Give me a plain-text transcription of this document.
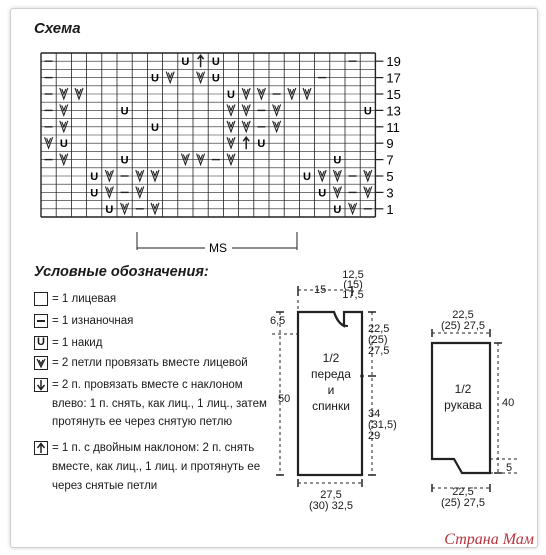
Схема
U U
U	U
U
U	U
U
U	U
U	U
U	U
U	U
U	U
19
17
15
13
11
9
7
5
3
1
MS
Условные обозначения:
= 1 лицевая
= 1 изнаночная
U = 1 накид
= 2 петли провязать вместе лицевой
= 2 п. провязать вместе с наклоном
влево: 1 п. снять, как лиц., 1 лиц., затем
протянуть ее через снятую петлю
= 1 п. с двойным наклоном: 2 п. снять
вместе, как лиц., 1 лиц. и протянуть ее
через снятые петли
1/2
переда
и
спинки
15
12,5
(15)
17,5
6,5
22,5
(25)
27,5
50
34
(31,5)
29
27,5
(30) 32,5
1/2
рукава
22,5
(25) 27,5
40
5
22,5
(25) 27,5
Страна Мам
